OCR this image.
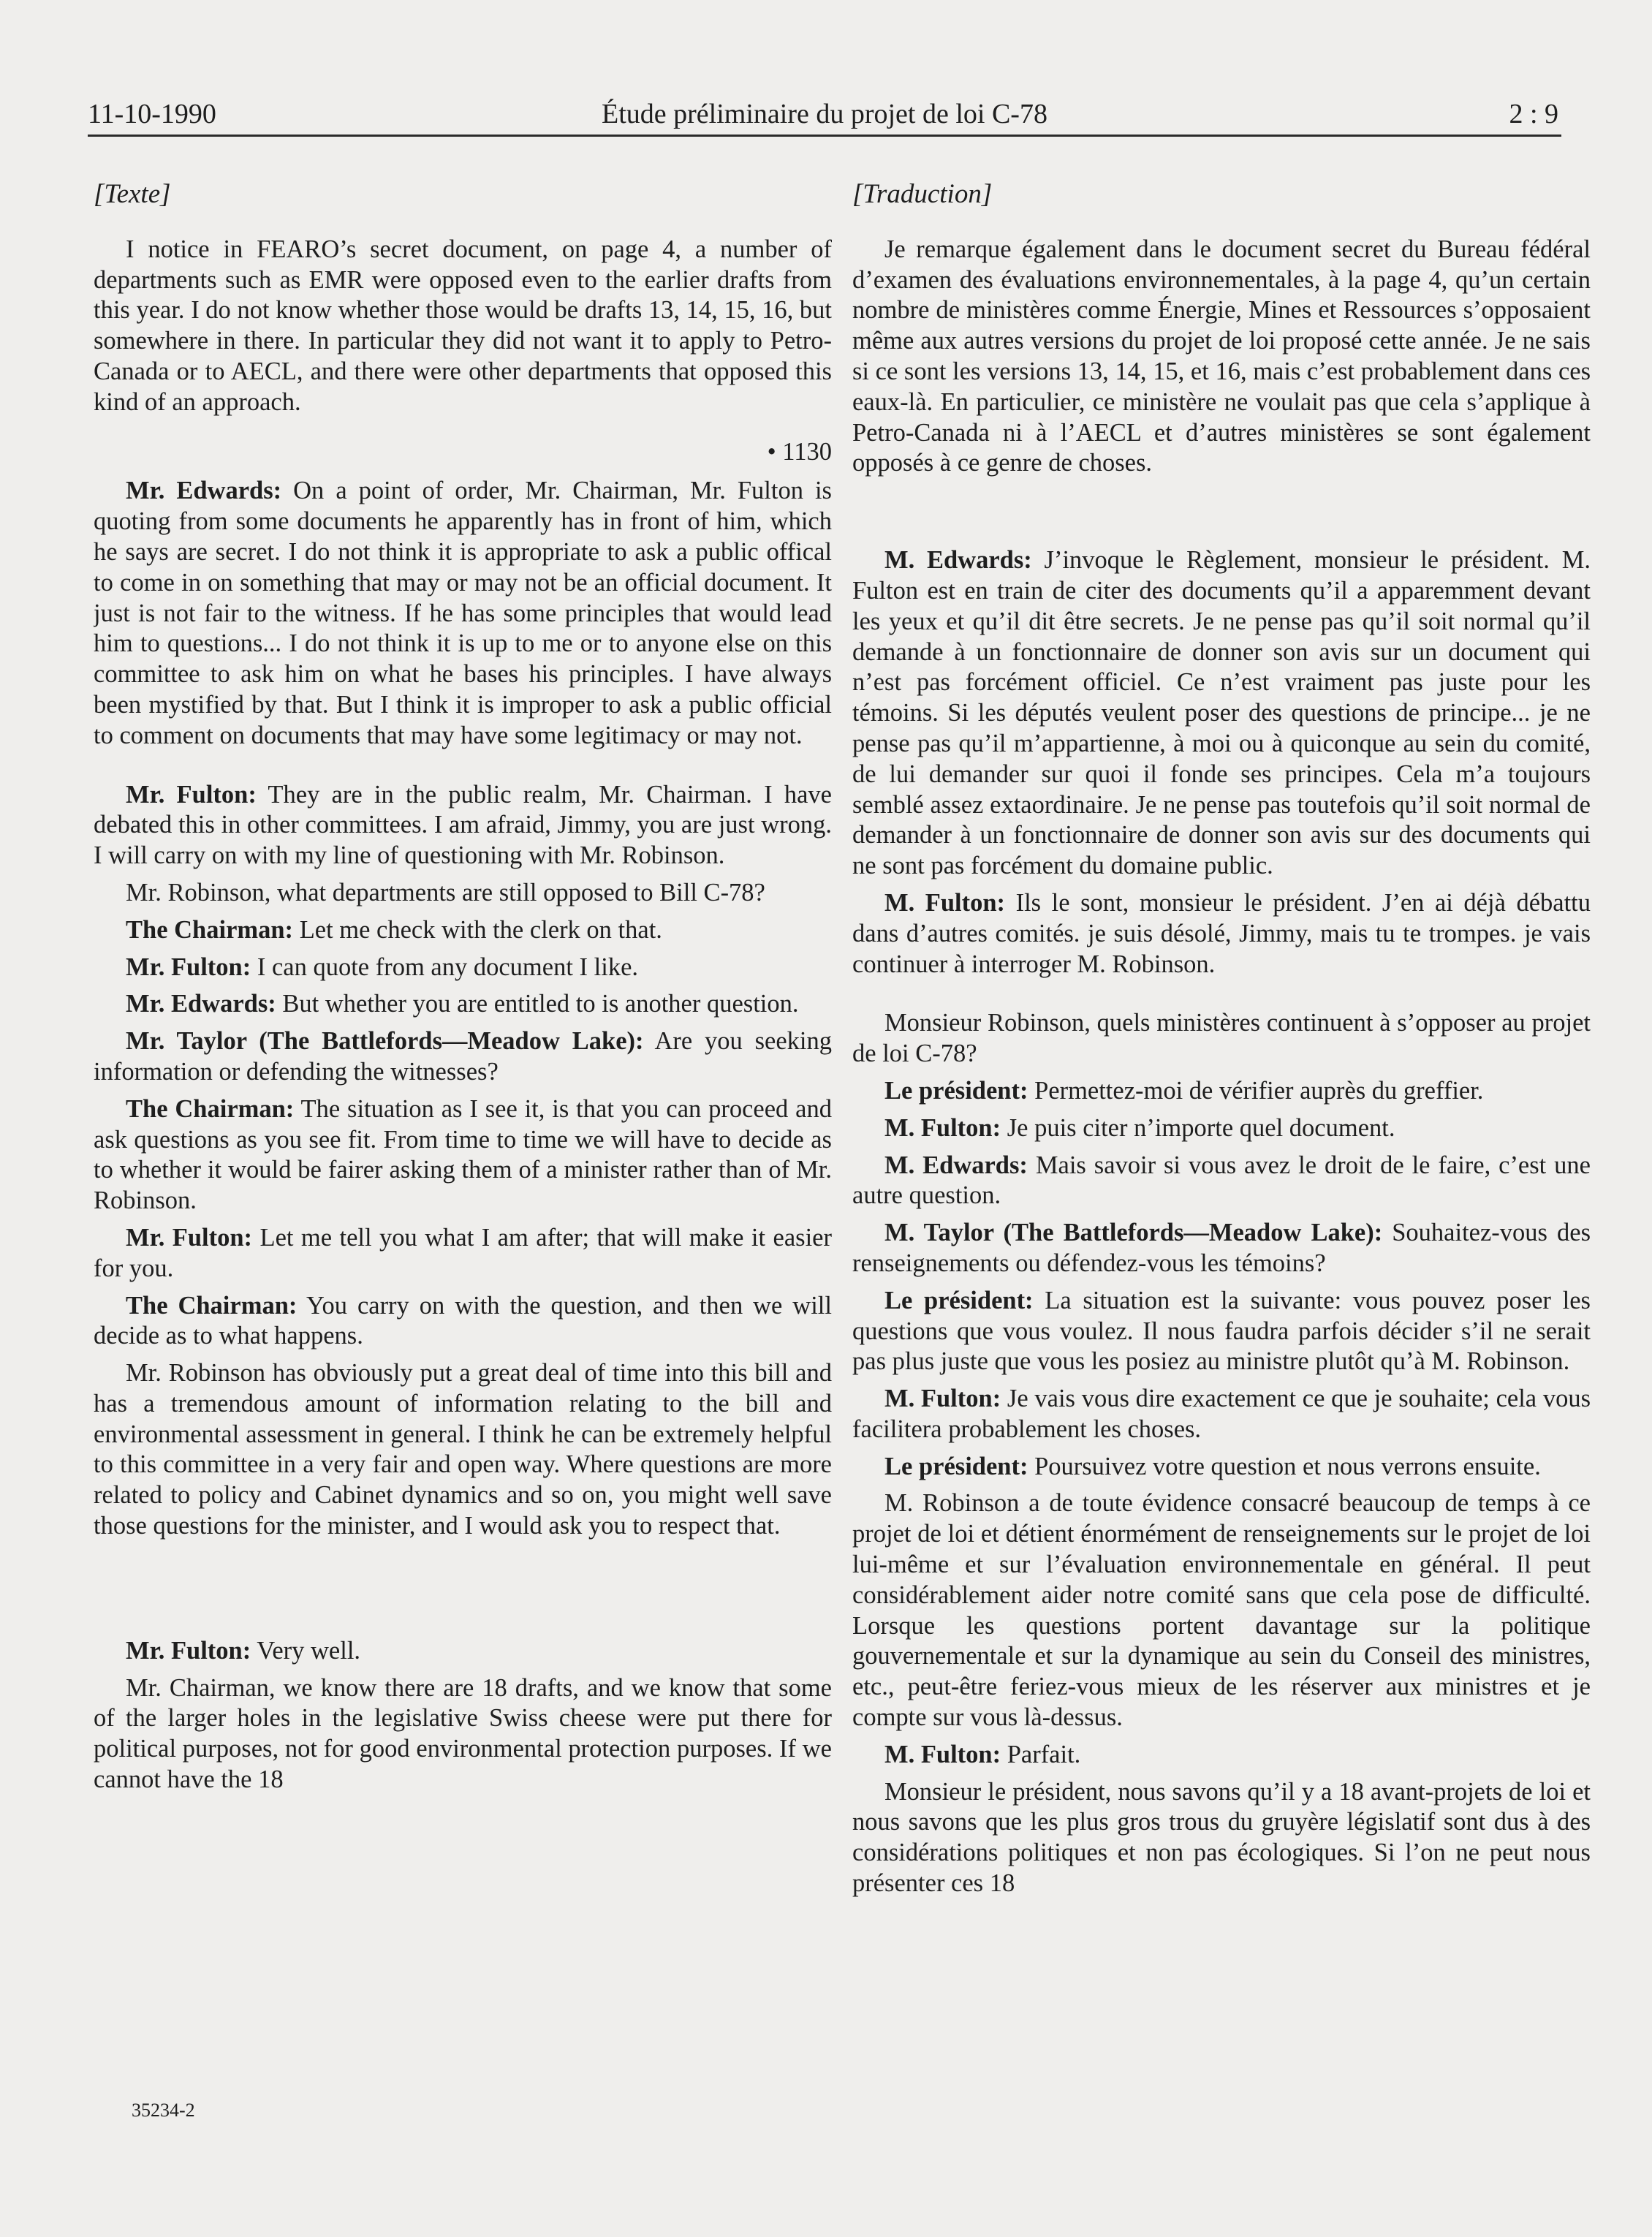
11-10-1990	Étude préliminaire du projet de loi C-78	2 : 9

[Texte]

I notice in FEARO’s secret document, on page 4, a number of departments such as EMR were opposed even to the earlier drafts from this year. I do not know whether those would be drafts 13, 14, 15, 16, but somewhere in there. In particular they did not want it to apply to Petro-Canada or to AECL, and there were other departments that opposed this kind of an approach.

• 1130

Mr. Edwards: On a point of order, Mr. Chairman, Mr. Fulton is quoting from some documents he apparently has in front of him, which he says are secret. I do not think it is appropriate to ask a public offical to come in on something that may or may not be an official document. It just is not fair to the witness. If he has some principles that would lead him to questions... I do not think it is up to me or to anyone else on this committee to ask him on what he bases his principles. I have always been mystified by that. But I think it is improper to ask a public official to comment on documents that may have some legitimacy or may not.

Mr. Fulton: They are in the public realm, Mr. Chairman. I have debated this in other committees. I am afraid, Jimmy, you are just wrong. I will carry on with my line of questioning with Mr. Robinson.

Mr. Robinson, what departments are still opposed to Bill C-78?

The Chairman: Let me check with the clerk on that.

Mr. Fulton: I can quote from any document I like.

Mr. Edwards: But whether you are entitled to is another question.

Mr. Taylor (The Battlefords—Meadow Lake): Are you seeking information or defending the witnesses?

The Chairman: The situation as I see it, is that you can proceed and ask questions as you see fit. From time to time we will have to decide as to whether it would be fairer asking them of a minister rather than of Mr. Robinson.

Mr. Fulton: Let me tell you what I am after; that will make it easier for you.

The Chairman: You carry on with the question, and then we will decide as to what happens.

Mr. Robinson has obviously put a great deal of time into this bill and has a tremendous amount of information relating to the bill and environmental assessment in general. I think he can be extremely helpful to this committee in a very fair and open way. Where questions are more related to policy and Cabinet dynamics and so on, you might well save those questions for the minister, and I would ask you to respect that.

Mr. Fulton: Very well.

Mr. Chairman, we know there are 18 drafts, and we know that some of the larger holes in the legislative Swiss cheese were put there for political purposes, not for good environmental protection purposes. If we cannot have the 18

[Traduction]

Je remarque également dans le document secret du Bureau fédéral d’examen des évaluations environnementales, à la page 4, qu’un certain nombre de ministères comme Énergie, Mines et Ressources s’opposaient même aux autres versions du projet de loi proposé cette année. Je ne sais si ce sont les versions 13, 14, 15, et 16, mais c’est probablement dans ces eaux-là. En particulier, ce ministère ne voulait pas que cela s’applique à Petro-Canada ni à l’AECL et d’autres ministères se sont également opposés à ce genre de choses.

M. Edwards: J’invoque le Règlement, monsieur le président. M. Fulton est en train de citer des documents qu’il a apparemment devant les yeux et qu’il dit être secrets. Je ne pense pas qu’il soit normal qu’il demande à un fonctionnaire de donner son avis sur un document qui n’est pas forcément officiel. Ce n’est vraiment pas juste pour les témoins. Si les députés veulent poser des questions de principe... je ne pense pas qu’il m’appartienne, à moi ou à quiconque au sein du comité, de lui demander sur quoi il fonde ses principes. Cela m’a toujours semblé assez extaordinaire. Je ne pense pas toutefois qu’il soit normal de demander à un fonctionnaire de donner son avis sur des documents qui ne sont pas forcément du domaine public.

M. Fulton: Ils le sont, monsieur le président. J’en ai déjà débattu dans d’autres comités. je suis désolé, Jimmy, mais tu te trompes. je vais continuer à interroger M. Robinson.

Monsieur Robinson, quels ministères continuent à s’opposer au projet de loi C-78?

Le président: Permettez-moi de vérifier auprès du greffier.

M. Fulton: Je puis citer n’importe quel document.

M. Edwards: Mais savoir si vous avez le droit de le faire, c’est une autre question.

M. Taylor (The Battlefords—Meadow Lake): Souhaitez-vous des renseignements ou défendez-vous les témoins?

Le président: La situation est la suivante: vous pouvez poser les questions que vous voulez. Il nous faudra parfois décider s’il ne serait pas plus juste que vous les posiez au ministre plutôt qu’à M. Robinson.

M. Fulton: Je vais vous dire exactement ce que je souhaite; cela vous facilitera probablement les choses.

Le président: Poursuivez votre question et nous verrons ensuite.

M. Robinson a de toute évidence consacré beaucoup de temps à ce projet de loi et détient énormément de renseignements sur le projet de loi lui-même et sur l’évaluation environnementale en général. Il peut considérablement aider notre comité sans que cela pose de difficulté. Lorsque les questions portent davantage sur la politique gouvernementale et sur la dynamique au sein du Conseil des ministres, etc., peut-être feriez-vous mieux de les réserver aux ministres et je compte sur vous là-dessus.

M. Fulton: Parfait.

Monsieur le président, nous savons qu’il y a 18 avant-projets de loi et nous savons que les plus gros trous du gruyère législatif sont dus à des considérations politiques et non pas écologiques. Si l’on ne peut nous présenter ces 18

35234-2
